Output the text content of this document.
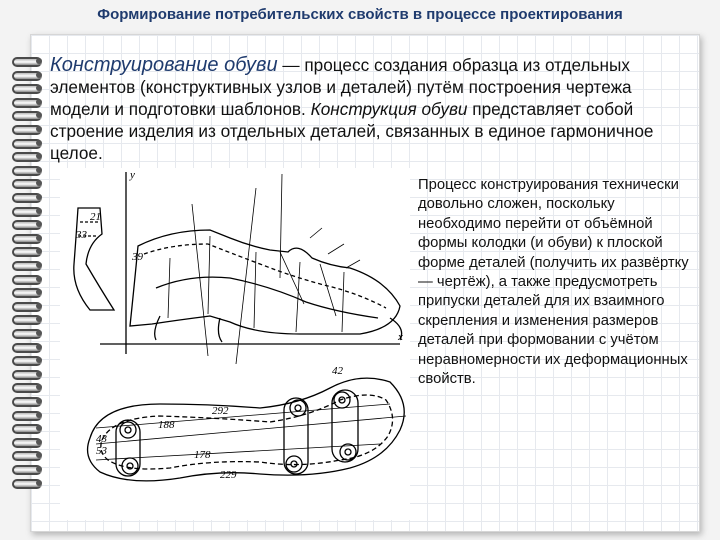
Формирование потребительских свойств в процессе проектирования
Конструирование обуви — процесс создания образца из отдельных элементов (конструктивных узлов и деталей) путём построения чертежа модели и подготовки шаблонов. Конструкция обуви представляет собой строение изделия из отдельных деталей, связанных в единое гармоничное целое.
292
188
178
229
43
53
21
33
39
42
y
x
Процесс конструирования технически довольно сложен, поскольку необходимо перейти от объёмной формы колодки (и обуви) к плоской форме деталей (получить их развёртку — чертёж), а также предусмотреть припуски деталей для их взаимного скрепления и изменения размеров деталей при формовании с учётом неравномерности их деформационных свойств.
